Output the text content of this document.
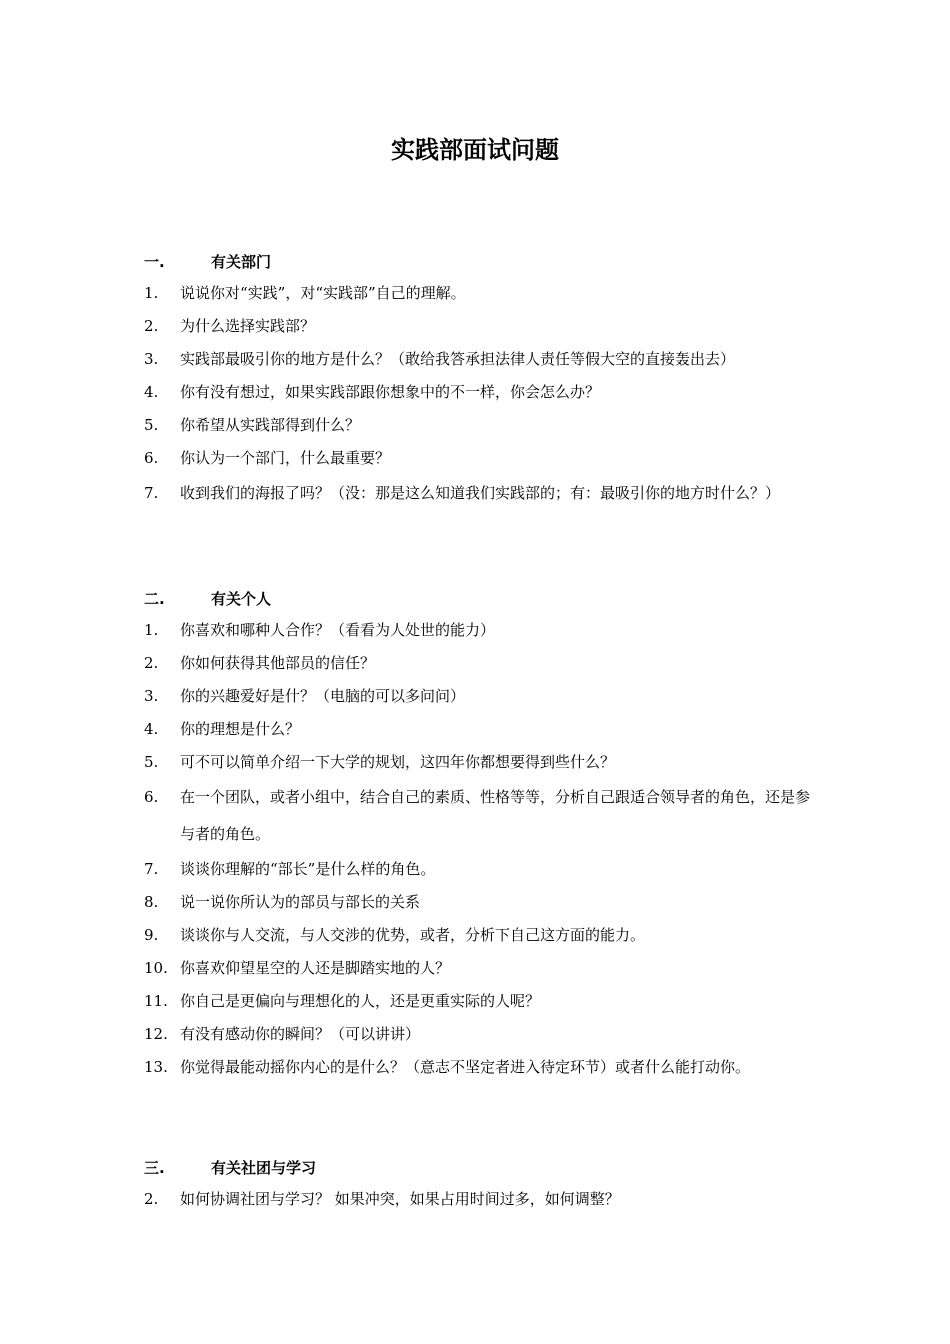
实践部面试问题
一.	有关部门
1. 说说你对“实践”，对“实践部”自己的理解。
2. 为什么选择实践部？
3. 实践部最吸引你的地方是什么？（敢给我答承担法律人责任等假大空的直接轰出去）
4. 你有没有想过，如果实践部跟你想象中的不一样，你会怎么办？
5. 你希望从实践部得到什么？
6. 你认为一个部门，什么最重要？
7. 收到我们的海报了吗？（没：那是这么知道我们实践部的；有：最吸引你的地方时什么？）
二.	有关个人
1. 你喜欢和哪种人合作？（看看为人处世的能力）
2. 你如何获得其他部员的信任？
3. 你的兴趣爱好是什？（电脑的可以多问问）
4. 你的理想是什么？
5. 可不可以简单介绍一下大学的规划，这四年你都想要得到些什么？
6. 在一个团队，或者小组中，结合自己的素质、性格等等，分析自己跟适合领导者的角色，还是参与者的角色。
7. 谈谈你理解的“部长”是什么样的角色。
8. 说一说你所认为的部员与部长的关系
9. 谈谈你与人交流，与人交涉的优势，或者，分析下自己这方面的能力。
10. 你喜欢仰望星空的人还是脚踏实地的人？
11. 你自己是更偏向与理想化的人，还是更重实际的人呢？
12. 有没有感动你的瞬间？（可以讲讲）
13. 你觉得最能动摇你内心的是什么？（意志不坚定者进入待定环节）或者什么能打动你。
三.	有关社团与学习
2. 如何协调社团与学习？ 如果冲突，如果占用时间过多，如何调整？
